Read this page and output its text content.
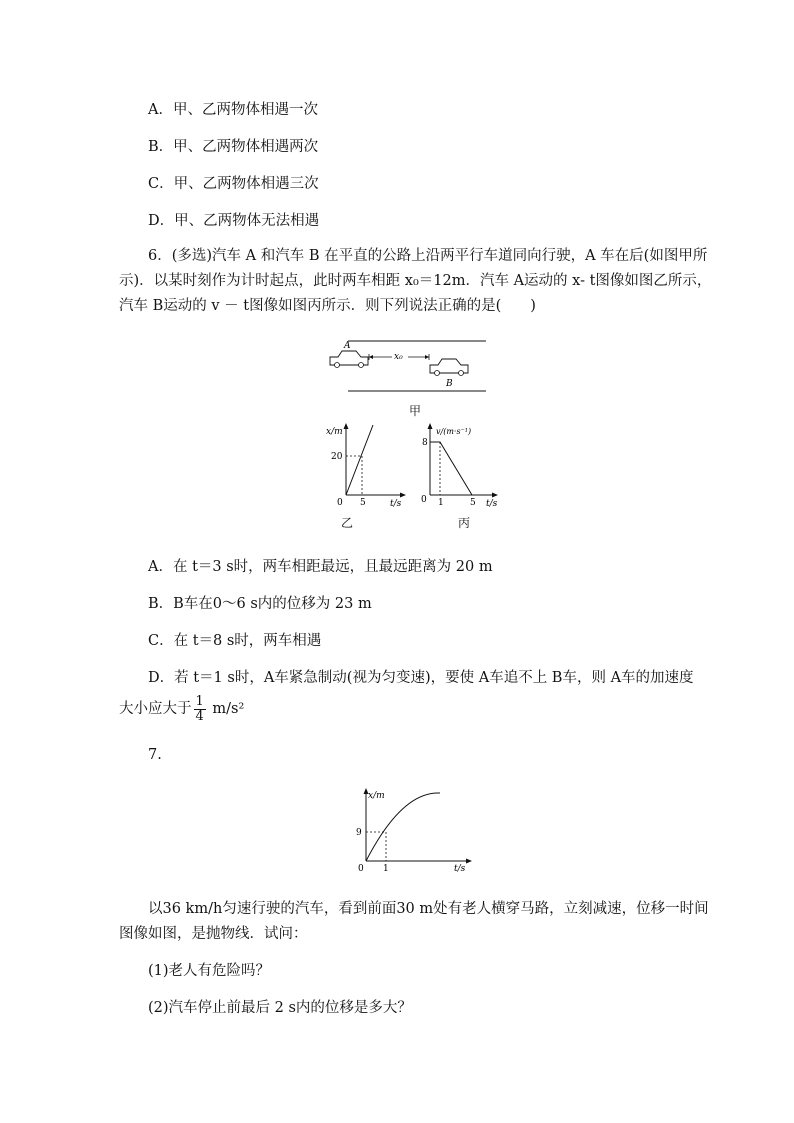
A．甲、乙两物体相遇一次
B．甲、乙两物体相遇两次
C．甲、乙两物体相遇三次
D．甲、乙两物体无法相遇
6．(多选)汽车 A 和汽车 B 在平直的公路上沿两平行车道同向行驶，A 车在后(如图甲所
示)．以某时刻作为计时起点，此时两车相距 x₀＝12m．汽车 A运动的 x- t图像如图乙所示，
汽车 B运动的 v － t图像如图丙所示．则下列说法正确的是(　　)
A
x₀
B
甲
x/m
20
5
0	t/s
乙
v/(m·s⁻¹)
8
0 1	5 t/s
丙
A．在 t＝3 s时，两车相距最远，且最远距离为 20 m
B．B车在0～6 s内的位移为 23 m
C．在 t＝8 s时，两车相遇
D．若 t＝1 s时，A车紧急制动(视为匀变速)，要使 A车追不上 B车，则 A车的加速度
大小应大于 $\frac{1}{4} m/s^2$
7.
x/m
9
0 1	t/s
以36 km/h匀速行驶的汽车，看到前面30 m处有老人横穿马路，立刻减速，位移一时间
图像如图，是抛物线．试问：
(1)老人有危险吗？
(2)汽车停止前最后 2 s内的位移是多大？
